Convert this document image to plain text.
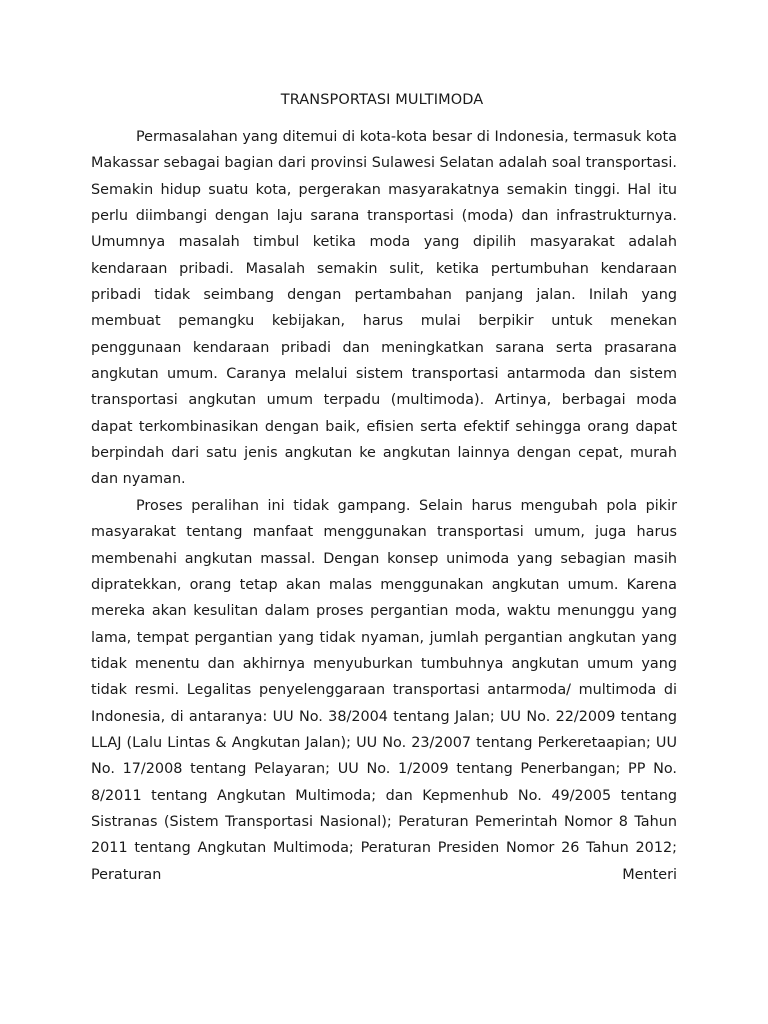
TRANSPORTASI MULTIMODA

Permasalahan yang ditemui di kota-kota besar di Indonesia, termasuk kota Makassar sebagai bagian dari provinsi Sulawesi Selatan adalah soal transportasi. Semakin hidup suatu kota, pergerakan masyarakatnya semakin tinggi. Hal itu perlu diimbangi dengan laju sarana transportasi (moda) dan infrastrukturnya. Umumnya masalah timbul ketika moda yang dipilih masyarakat adalah kendaraan pribadi. Masalah semakin sulit, ketika pertumbuhan kendaraan pribadi tidak seimbang dengan pertambahan panjang jalan. Inilah yang membuat pemangku kebijakan, harus mulai berpikir untuk menekan penggunaan kendaraan pribadi dan meningkatkan sarana serta prasarana angkutan umum. Caranya melalui sistem transportasi antarmoda dan sistem transportasi angkutan umum terpadu (multimoda). Artinya, berbagai moda dapat terkombinasikan dengan baik, efisien serta efektif sehingga orang dapat berpindah dari satu jenis angkutan ke angkutan lainnya dengan cepat, murah dan nyaman.

Proses peralihan ini tidak gampang. Selain harus mengubah pola pikir masyarakat tentang manfaat menggunakan transportasi umum, juga harus membenahi angkutan massal. Dengan konsep unimoda yang sebagian masih dipratekkan, orang tetap akan malas menggunakan angkutan umum. Karena mereka akan kesulitan dalam proses pergantian moda, waktu menunggu yang lama, tempat pergantian yang tidak nyaman, jumlah pergantian angkutan yang tidak menentu dan akhirnya menyuburkan tumbuhnya angkutan umum yang tidak resmi. Legalitas penyelenggaraan transportasi antarmoda/ multimoda di Indonesia, di antaranya: UU No. 38/2004 tentang Jalan; UU No. 22/2009 tentang LLAJ (Lalu Lintas & Angkutan Jalan); UU No. 23/2007 tentang Perkeretaapian; UU No. 17/2008 tentang Pelayaran; UU No. 1/2009 tentang Penerbangan; PP No. 8/2011 tentang Angkutan Multimoda; dan Kepmenhub No. 49/2005 tentang Sistranas (Sistem Transportasi Nasional); Peraturan Pemerintah Nomor 8 Tahun 2011 tentang Angkutan Multimoda; Peraturan Presiden Nomor 26 Tahun 2012; Peraturan Menteri
